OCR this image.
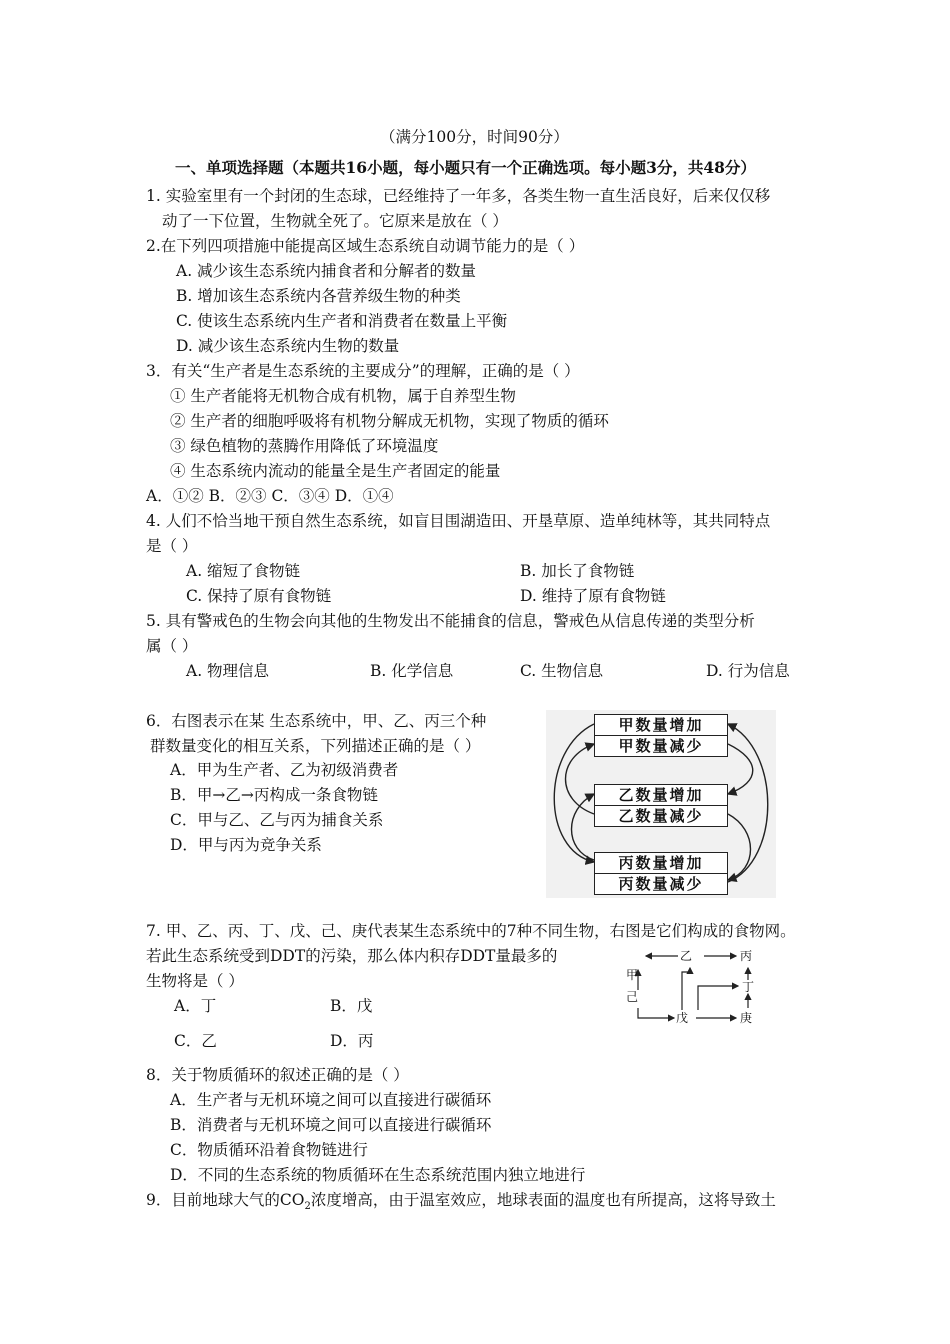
（满分100分，时间90分）
一、单项选择题（本题共16小题，每小题只有一个正确选项。每小题3分，共48分）
1. 实验室里有一个封闭的生态球，已经维持了一年多，各类生物一直生活良好，后来仅仅移
动了一下位置，生物就全死了。它原来是放在（ ）
2.在下列四项措施中能提高区域生态系统自动调节能力的是（ ）
A. 减少该生态系统内捕食者和分解者的数量
B. 增加该生态系统内各营养级生物的种类
C. 使该生态系统内生产者和消费者在数量上平衡
D. 减少该生态系统内生物的数量
3．有关“生产者是生态系统的主要成分”的理解，正确的是（ ）
① 生产者能将无机物合成有机物，属于自养型生物
② 生产者的细胞呼吸将有机物分解成无机物，实现了物质的循环
③ 绿色植物的蒸腾作用降低了环境温度
④ 生态系统内流动的能量全是生产者固定的能量
A．①② B．②③ C．③④ D．①④
4. 人们不恰当地干预自然生态系统，如盲目围湖造田、开垦草原、造单纯林等，其共同特点
是（ ）
A. 缩短了食物链	B. 加长了食物链
C. 保持了原有食物链	D. 维持了原有食物链
5. 具有警戒色的生物会向其他的生物发出不能捕食的信息，警戒色从信息传递的类型分析
属（ ）
A. 物理信息	B. 化学信息	C. 生物信息	D. 行为信息
6．右图表示在某 生态系统中，甲、乙、丙三个种
群数量变化的相互关系，下列描述正确的是（ ）
A．甲为生产者、乙为初级消费者
B．甲→乙→丙构成一条食物链
C．甲与乙、乙与丙为捕食关系
D．甲与丙为竞争关系
甲数量增加
甲数量减少
乙数量增加
乙数量减少
丙数量增加
丙数量减少
7. 甲、乙、丙、丁、戊、己、庚代表某生态系统中的7种不同生物，右图是它们构成的食物网。
若此生态系统受到DDT的污染，那么体内积存DDT量最多的
生物将是（ ）
A．丁	B．戊
C．乙	D．丙
甲
乙	丙
己
戊
丁
庚
8．关于物质循环的叙述正确的是（ ）
A．生产者与无机环境之间可以直接进行碳循环
B．消费者与无机环境之间可以直接进行碳循环
C．物质循环沿着食物链进行
D．不同的生态系统的物质循环在生态系统范围内独立地进行
9．目前地球大气的$CO_2$浓度增高，由于温室效应，地球表面的温度也有所提高，这将导致土
